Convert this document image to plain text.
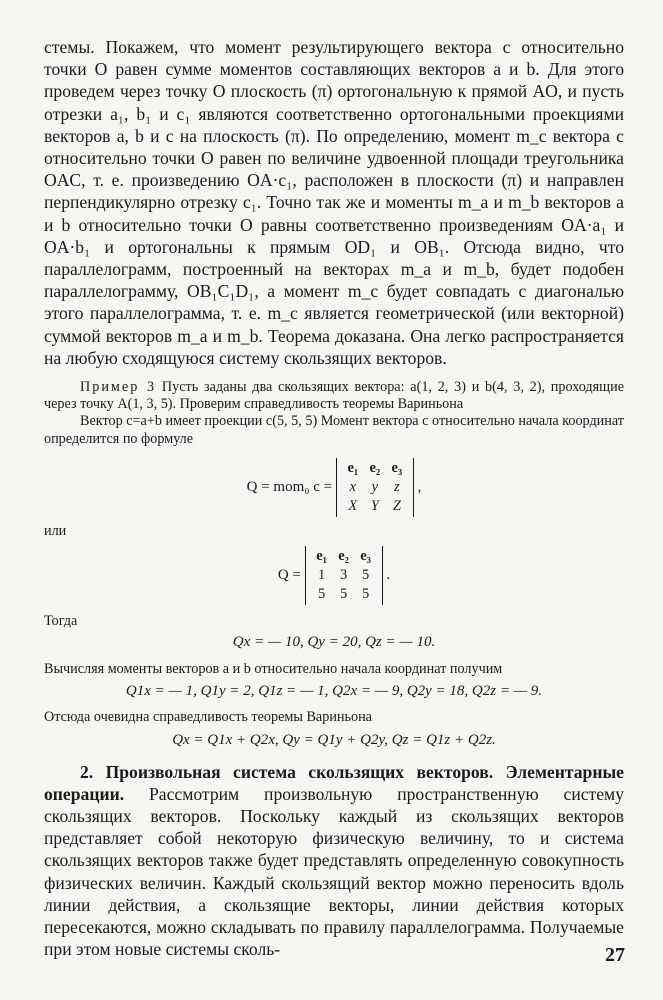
стемы. Покажем, что момент результирующего вектора с относительно точки O равен сумме моментов составляющих векторов a и b. Для этого проведем через точку O плоскость (π) ортогональную к прямой AO, и пусть отрезки a₁, b₁ и c₁ являются соответственно ортогональными проекциями векторов a, b и c на плоскость (π). По определению, момент m_c вектора c относительно точки O равен по величине удвоенной площади треугольника OAC, т. е. произведению OA·c₁, расположен в плоскости (π) и направлен перпендикулярно отрезку c₁. Точно так же и моменты m_a и m_b векторов a и b относительно точки O равны соответственно произведениям OA·a₁ и OA·b₁ и ортогональны к прямым OD₁ и OB₁. Отсюда видно, что параллелограмм, построенный на векторах m_a и m_b, будет подобен параллелограмму, OB₁C₁D₁, а момент m_c будет совпадать с диагональю этого параллелограмма, т. е. m_c является геометрической (или векторной) суммой векторов m_a и m_b. Теорема доказана. Она легко распространяется на любую сходящуюся систему скользящих векторов.

Пример 3 Пусть заданы два скользящих вектора: a(1, 2, 3) и b(4, 3, 2), проходящие через точку A(1, 3, 5). Проверим справедливость теоремы Вариньона

Вектор c=a+b имеет проекции c(5, 5, 5) Момент вектора c относительно начала координат определится по формуле

Q = mom₀ c =
e₁ e₂ e₃
x	y	z
X Y Z
,

или

Q =
e₁ e₂ e₃
1	3	5
5	5	5
.

Тогда

Qx = — 10, Qy = 20, Qz = — 10.

Вычисляя моменты векторов a и b относительно начала координат получим

Q1x = — 1, Q1y = 2, Q1z = — 1, Q2x = — 9, Q2y = 18, Q2z = — 9.

Отсюда очевидна справедливость теоремы Вариньона

Qx = Q1x + Q2x, Qy = Q1y + Q2y, Qz = Q1z + Q2z.

2. Произвольная система скользящих векторов. Элементарные операции. Рассмотрим произвольную пространственную систему скользящих векторов. Поскольку каждый из скользящих векторов представляет собой некоторую физическую величину, то и система скользящих векторов также будет представлять определенную совокупность физических величин. Каждый скользящий вектор можно переносить вдоль линии действия, а скользящие векторы, линии действия которых пересекаются, можно складывать по правилу параллелограмма. Получаемые при этом новые системы сколь-	27
